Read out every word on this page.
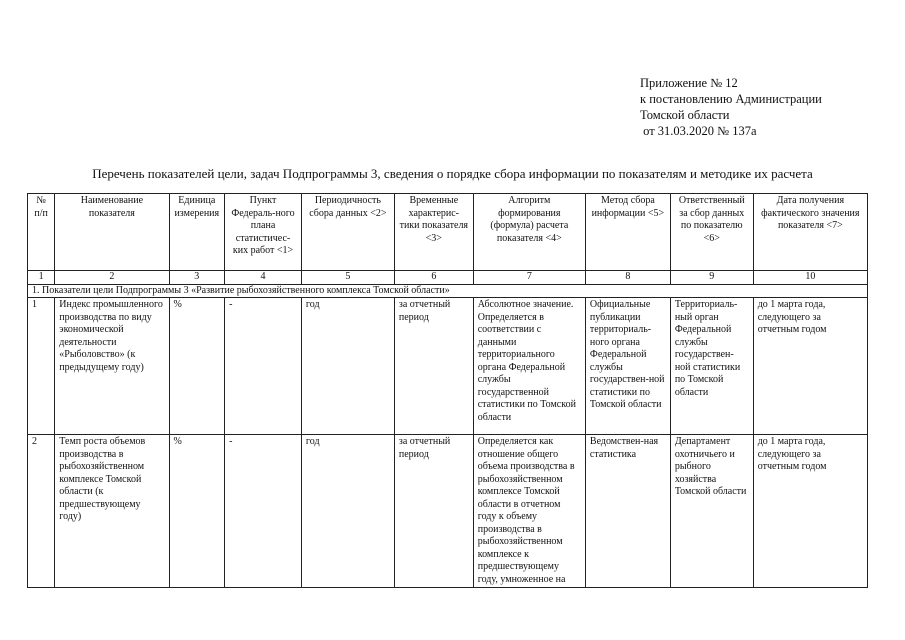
Приложение № 12
к постановлению Администрации
Томской области
от 31.03.2020 № 137а
Перечень показателей цели, задач Подпрограммы 3, сведения о порядке сбора информации по показателям и методике их расчета
№ п/п	Наименование показателя	Единица измерения	Пункт Федераль-ного плана статистичес-ких работ <1>	Периодичность сбора данных <2>	Временные характерис-тики показателя <3>	Алгоритм формирования (формула) расчета показателя <4>	Метод сбора информации <5>	Ответственный за сбор данных по показателю <6>	Дата получения фактического значения показателя <7>
1	2	3	4	5	6	7	8	9	10
1. Показатели цели Подпрограммы 3 «Развитие рыбохозяйственного комплекса Томской области»									
1	Индекс промышленного производства по виду экономической деятельности «Рыболовство» (к предыдущему году)	%	-	год	за отчетный период	Абсолютное значение. Определяется в соответствии с данными территориального органа Федеральной службы государственной статистики по Томской области	Официальные публикации территориаль-ного органа Федеральной службы государствен-ной статистики по Томской области	Территориаль-ный орган Федеральной службы государствен-ной статистики по Томской области	до 1 марта года, следующего за отчетным годом
2	Темп роста объемов производства в рыбохозяйственном комплексе Томской области (к предшествующему году)	%	-	год	за отчетный период	Определяется как отношение общего объема производства в рыбохозяйственном комплексе Томской области в отчетном году к объему производства в рыбохозяйственном комплексе к предшествующему году, умноженное на	Ведомствен-ная статистика	Департамент охотничьего и рыбного хозяйства Томской области	до 1 марта года, следующего за отчетным годом
